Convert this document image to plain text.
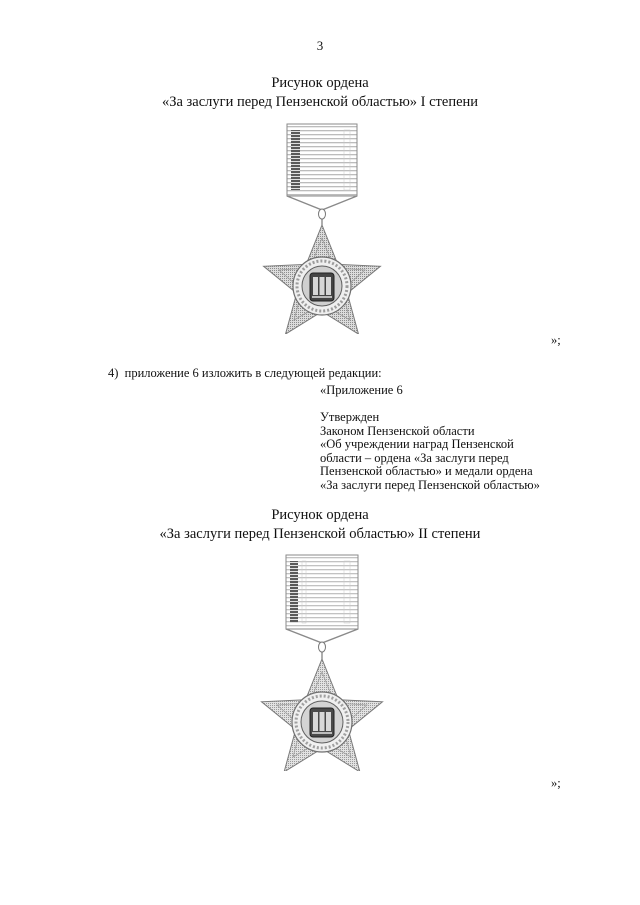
3
Рисунок ордена
«За заслуги перед Пензенской областью» I степени
»;
4) приложение 6 изложить в следующей редакции:
«Приложение 6
Утвержден
Законом Пензенской области
«Об учреждении наград Пензенской
области – ордена «За заслуги перед
Пензенской областью» и медали ордена
«За заслуги перед Пензенской областью»
Рисунок ордена
«За заслуги перед Пензенской областью» II степени
»;
